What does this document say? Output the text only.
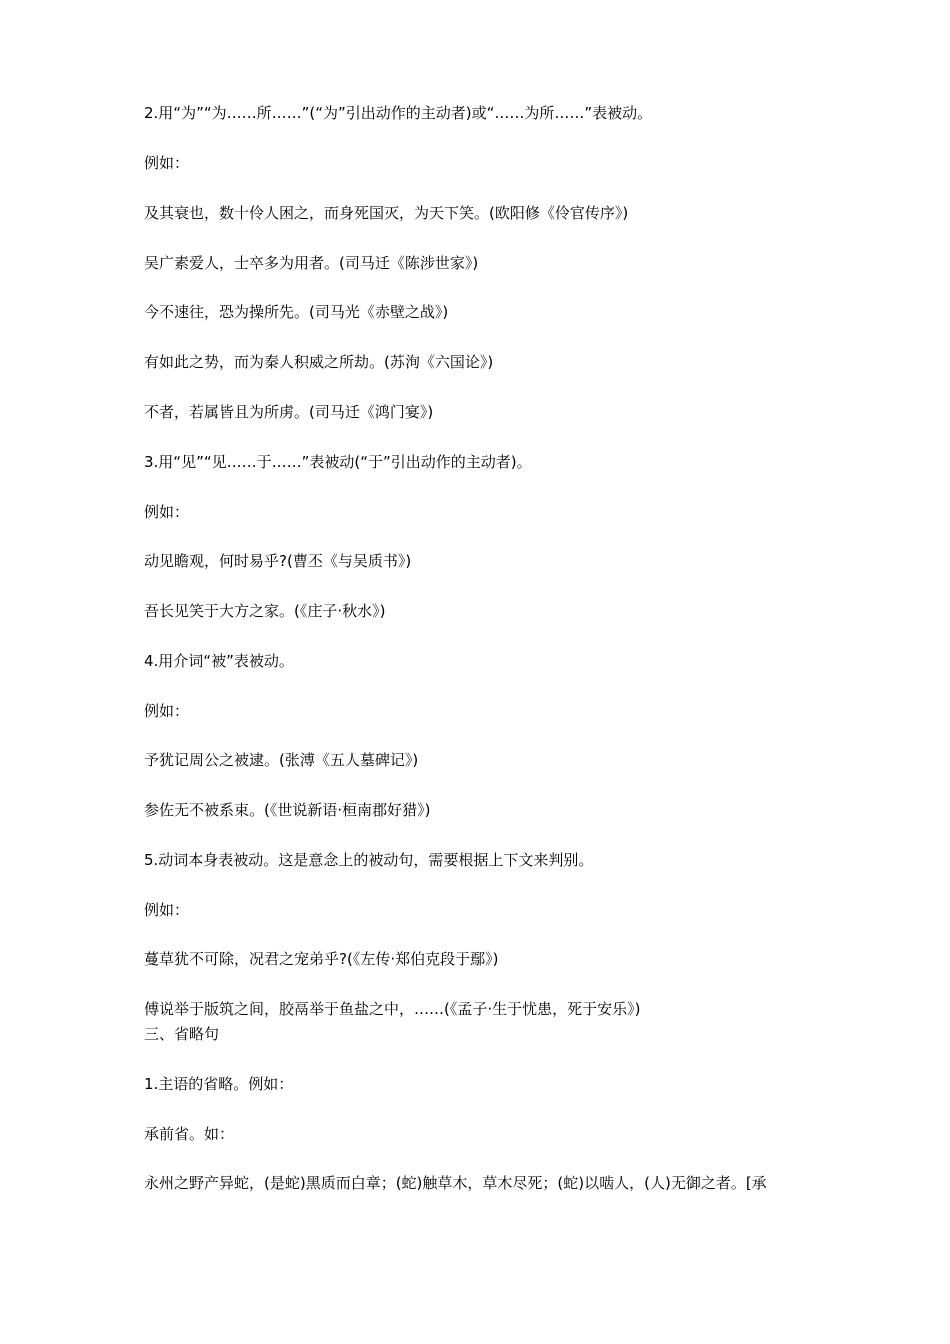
2.用“为”“为……所……”(“为”引出动作的主动者)或“……为所……”表被动。
例如：
及其衰也，数十伶人困之，而身死国灭，为天下笑。(欧阳修《伶官传序》)
吴广素爱人，士卒多为用者。(司马迁《陈涉世家》)
今不速往，恐为操所先。(司马光《赤壁之战》)
有如此之势，而为秦人积威之所劫。(苏洵《六国论》)
不者，若属皆且为所虏。(司马迁《鸿门宴》)
3.用“见”“见……于……”表被动(“于”引出动作的主动者)。
例如：
动见瞻观，何时易乎?(曹丕《与吴质书》)
吾长见笑于大方之家。(《庄子·秋水》)
4.用介词“被”表被动。
例如：
予犹记周公之被逮。(张溥《五人墓碑记》)
参佐无不被系束。(《世说新语·桓南郡好猎》)
5.动词本身表被动。这是意念上的被动句，需要根据上下文来判别。
例如：
蔓草犹不可除，况君之宠弟乎?(《左传·郑伯克段于鄢》)
傅说举于版筑之间，胶鬲举于鱼盐之中，……(《孟子·生于忧患，死于安乐》)
三、省略句
1.主语的省略。例如：
承前省。如：
永州之野产异蛇，(是蛇)黑质而白章；(蛇)触草木，草木尽死；(蛇)以啮人，(人)无御之者。[承
